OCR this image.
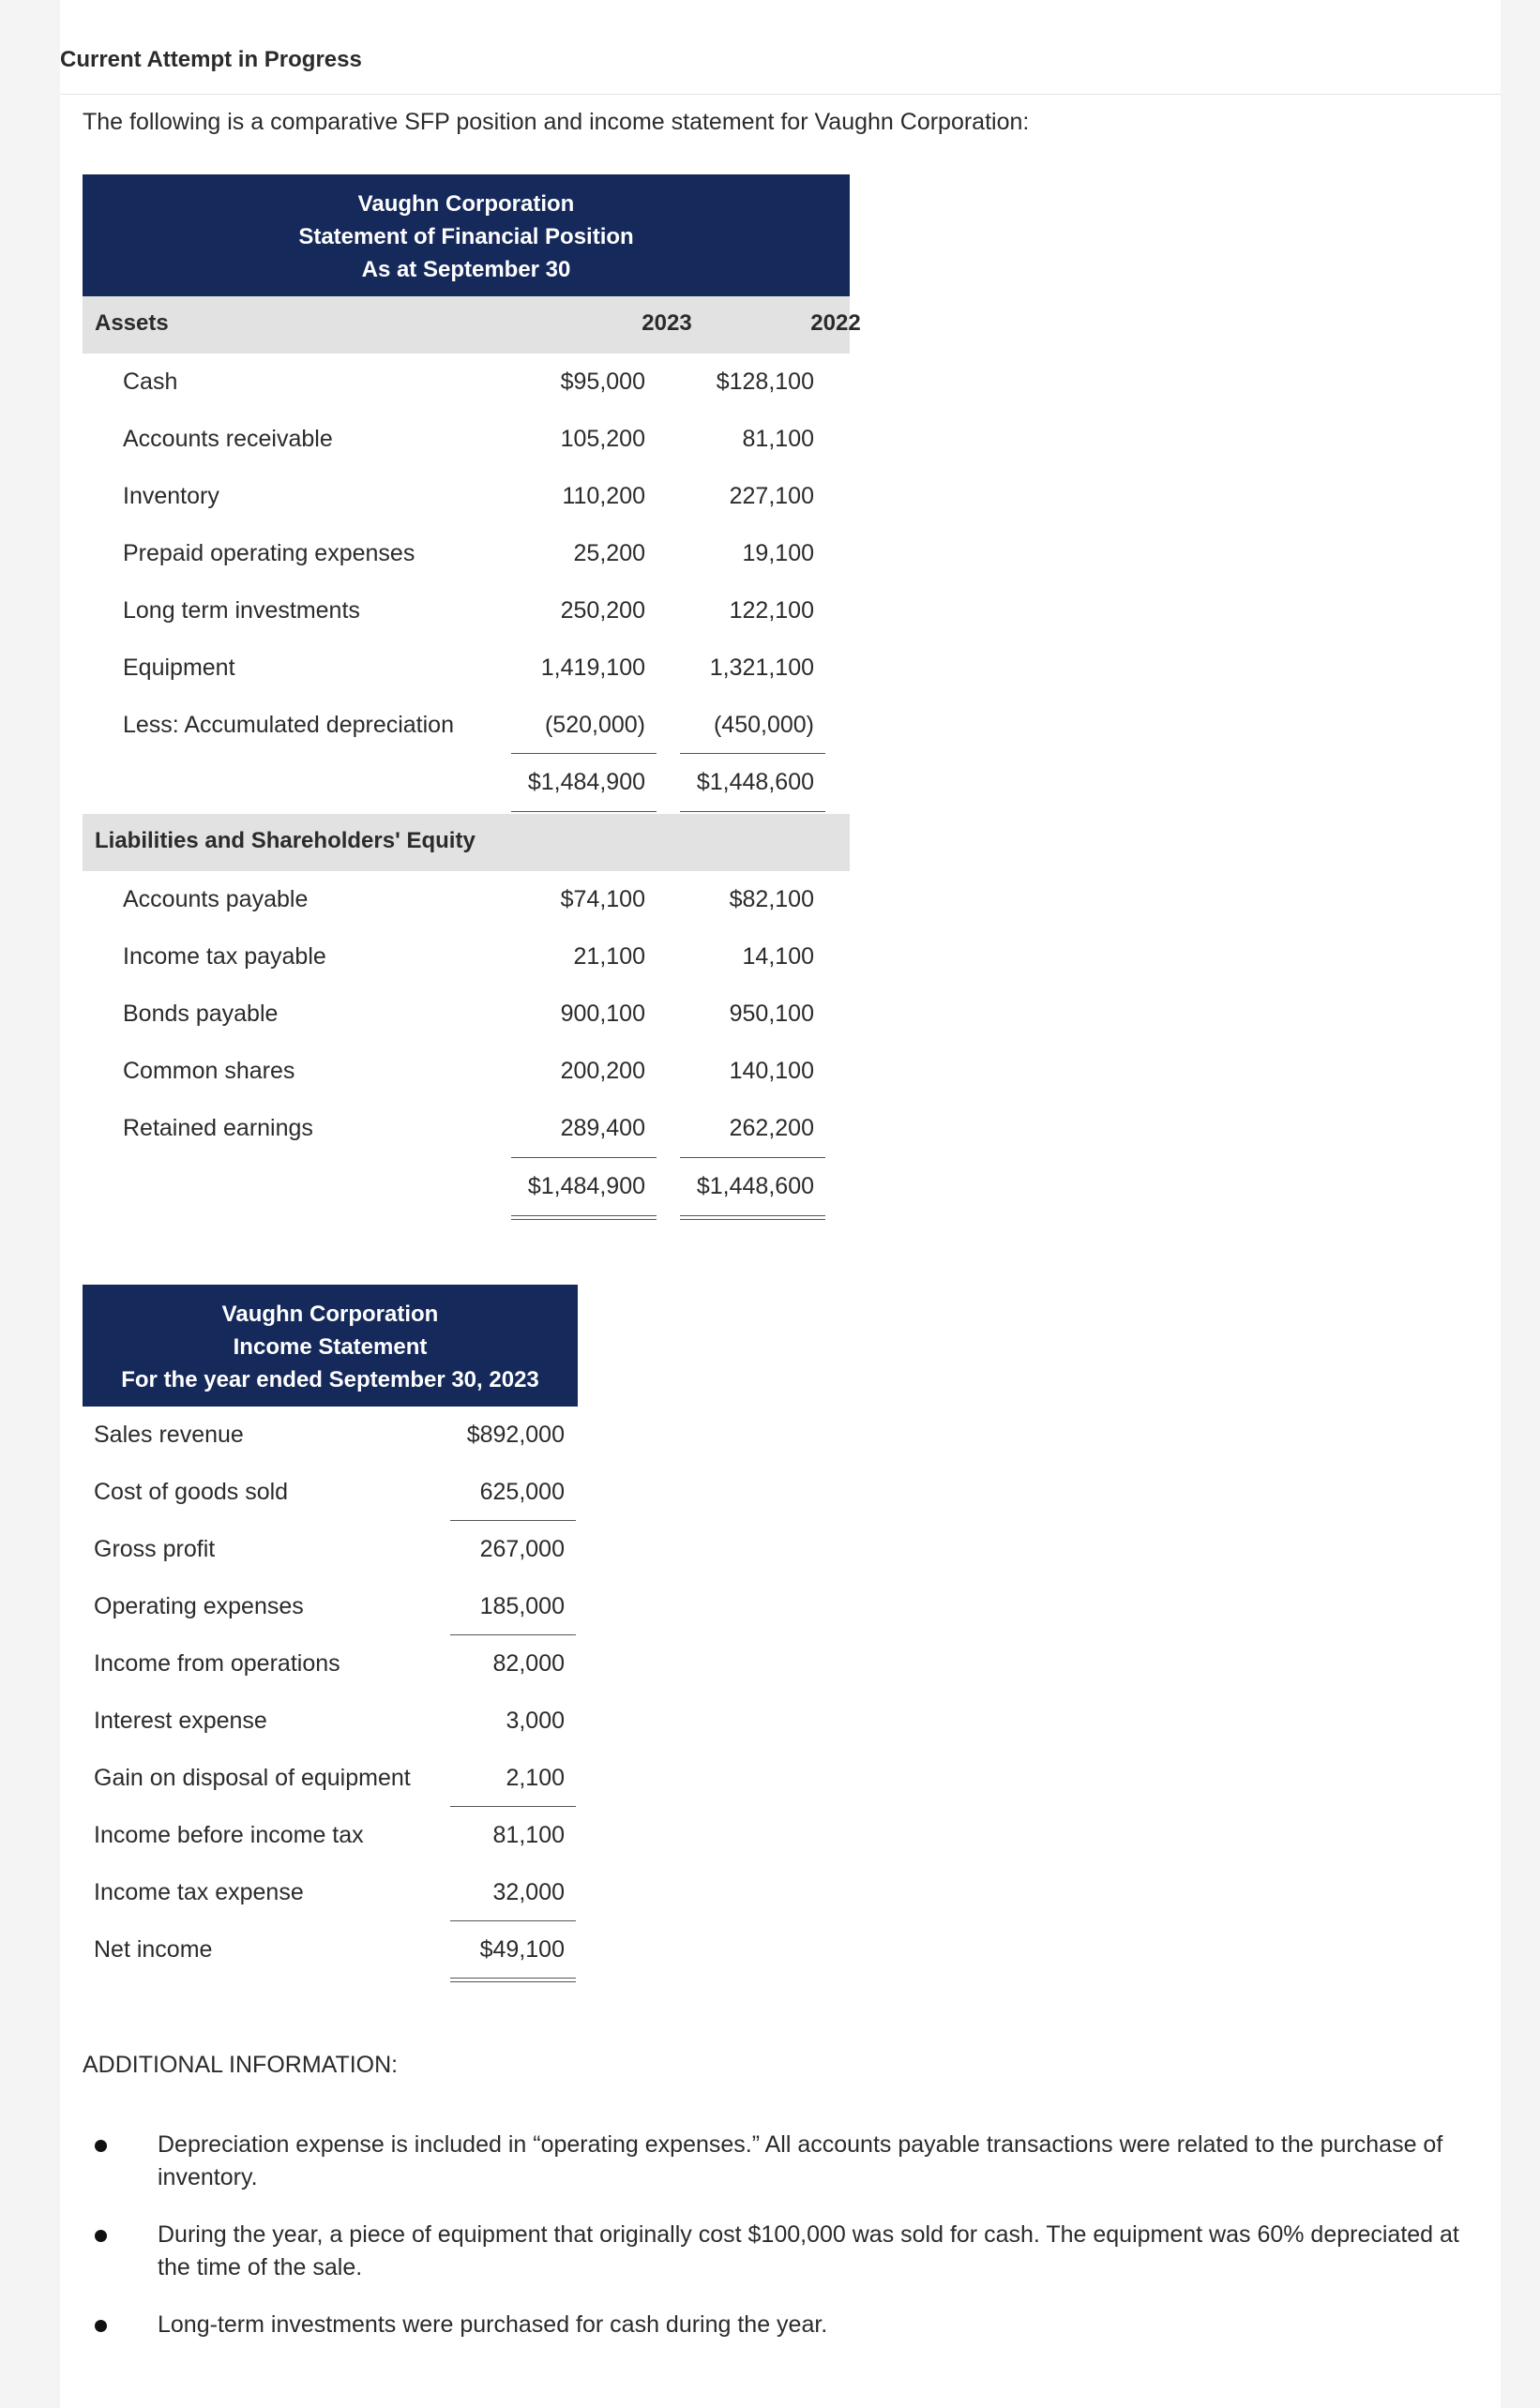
Current Attempt in Progress
The following is a comparative SFP position and income statement for Vaughn Corporation:
Vaughn Corporation
Statement of Financial Position
As at September 30
Assets	2023	2022
Cash	$95,000	$128,100
Accounts receivable	105,200	81,100
Inventory	110,200	227,100
Prepaid operating expenses	25,200	19,100
Long term investments	250,200	122,100
Equipment	1,419,100	1,321,100
Less: Accumulated depreciation	(520,000)	(450,000)
$1,484,900 $1,448,600
Liabilities and Shareholders' Equity
Accounts payable	$74,100	$82,100
Income tax payable	21,100	14,100
Bonds payable	900,100	950,100
Common shares	200,200	140,100
Retained earnings	289,400	262,200
$1,484,900 $1,448,600
Vaughn Corporation
Income Statement
For the year ended September 30, 2023
Sales revenue	$892,000
Cost of goods sold	625,000
Gross profit	267,000
Operating expenses	185,000
Income from operations	82,000
Interest expense	3,000
Gain on disposal of equipment	2,100
Income before income tax	81,100
Income tax expense	32,000
Net income	$49,100
ADDITIONAL INFORMATION:
Depreciation expense is included in “operating expenses.” All accounts payable transactions were related to the purchase of inventory.
During the year, a piece of equipment that originally cost $100,000 was sold for cash. The equipment was 60% depreciated at the time of the sale.
Long-term investments were purchased for cash during the year.
